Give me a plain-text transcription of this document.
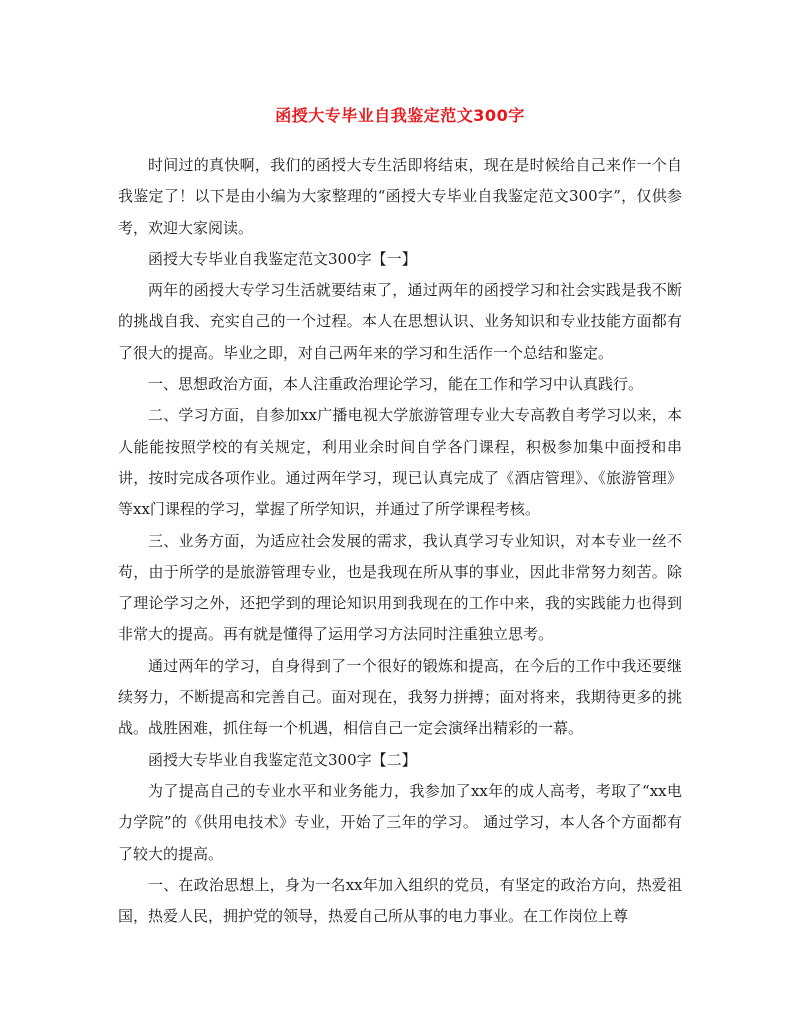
函授大专毕业自我鉴定范文300字

时间过的真快啊，我们的函授大专生活即将结束，现在是时候给自己来作一个自我鉴定了！以下是由小编为大家整理的“函授大专毕业自我鉴定范文300字”，仅供参考，欢迎大家阅读。

函授大专毕业自我鉴定范文300字【一】

两年的函授大专学习生活就要结束了，通过两年的函授学习和社会实践是我不断的挑战自我、充实自己的一个过程。本人在思想认识、业务知识和专业技能方面都有了很大的提高。毕业之即，对自己两年来的学习和生活作一个总结和鉴定。

一、思想政治方面，本人注重政治理论学习，能在工作和学习中认真践行。

二、学习方面，自参加xx广播电视大学旅游管理专业大专高教自考学习以来，本人能能按照学校的有关规定，利用业余时间自学各门课程，积极参加集中面授和串讲，按时完成各项作业。通过两年学习，现已认真完成了《酒店管理》、《旅游管理》等xx门课程的学习，掌握了所学知识，并通过了所学课程考核。

三、业务方面，为适应社会发展的需求，我认真学习专业知识，对本专业一丝不苟，由于所学的是旅游管理专业，也是我现在所从事的事业，因此非常努力刻苦。除了理论学习之外，还把学到的理论知识用到我现在的工作中来，我的实践能力也得到非常大的提高。再有就是懂得了运用学习方法同时注重独立思考。

通过两年的学习，自身得到了一个很好的锻炼和提高，在今后的工作中我还要继续努力，不断提高和完善自己。面对现在，我努力拼搏；面对将来，我期待更多的挑战。战胜困难，抓住每一个机遇，相信自己一定会演绎出精彩的一幕。

函授大专毕业自我鉴定范文300字【二】

为了提高自己的专业水平和业务能力，我参加了xx年的成人高考，考取了“xx电力学院”的《供用电技术》专业，开始了三年的学习。 通过学习，本人各个方面都有了较大的提高。

一、在政治思想上，身为一名xx年加入组织的党员，有坚定的政治方向，热爱祖国，热爱人民，拥护党的领导，热爱自己所从事的电力事业。在工作岗位上尊
